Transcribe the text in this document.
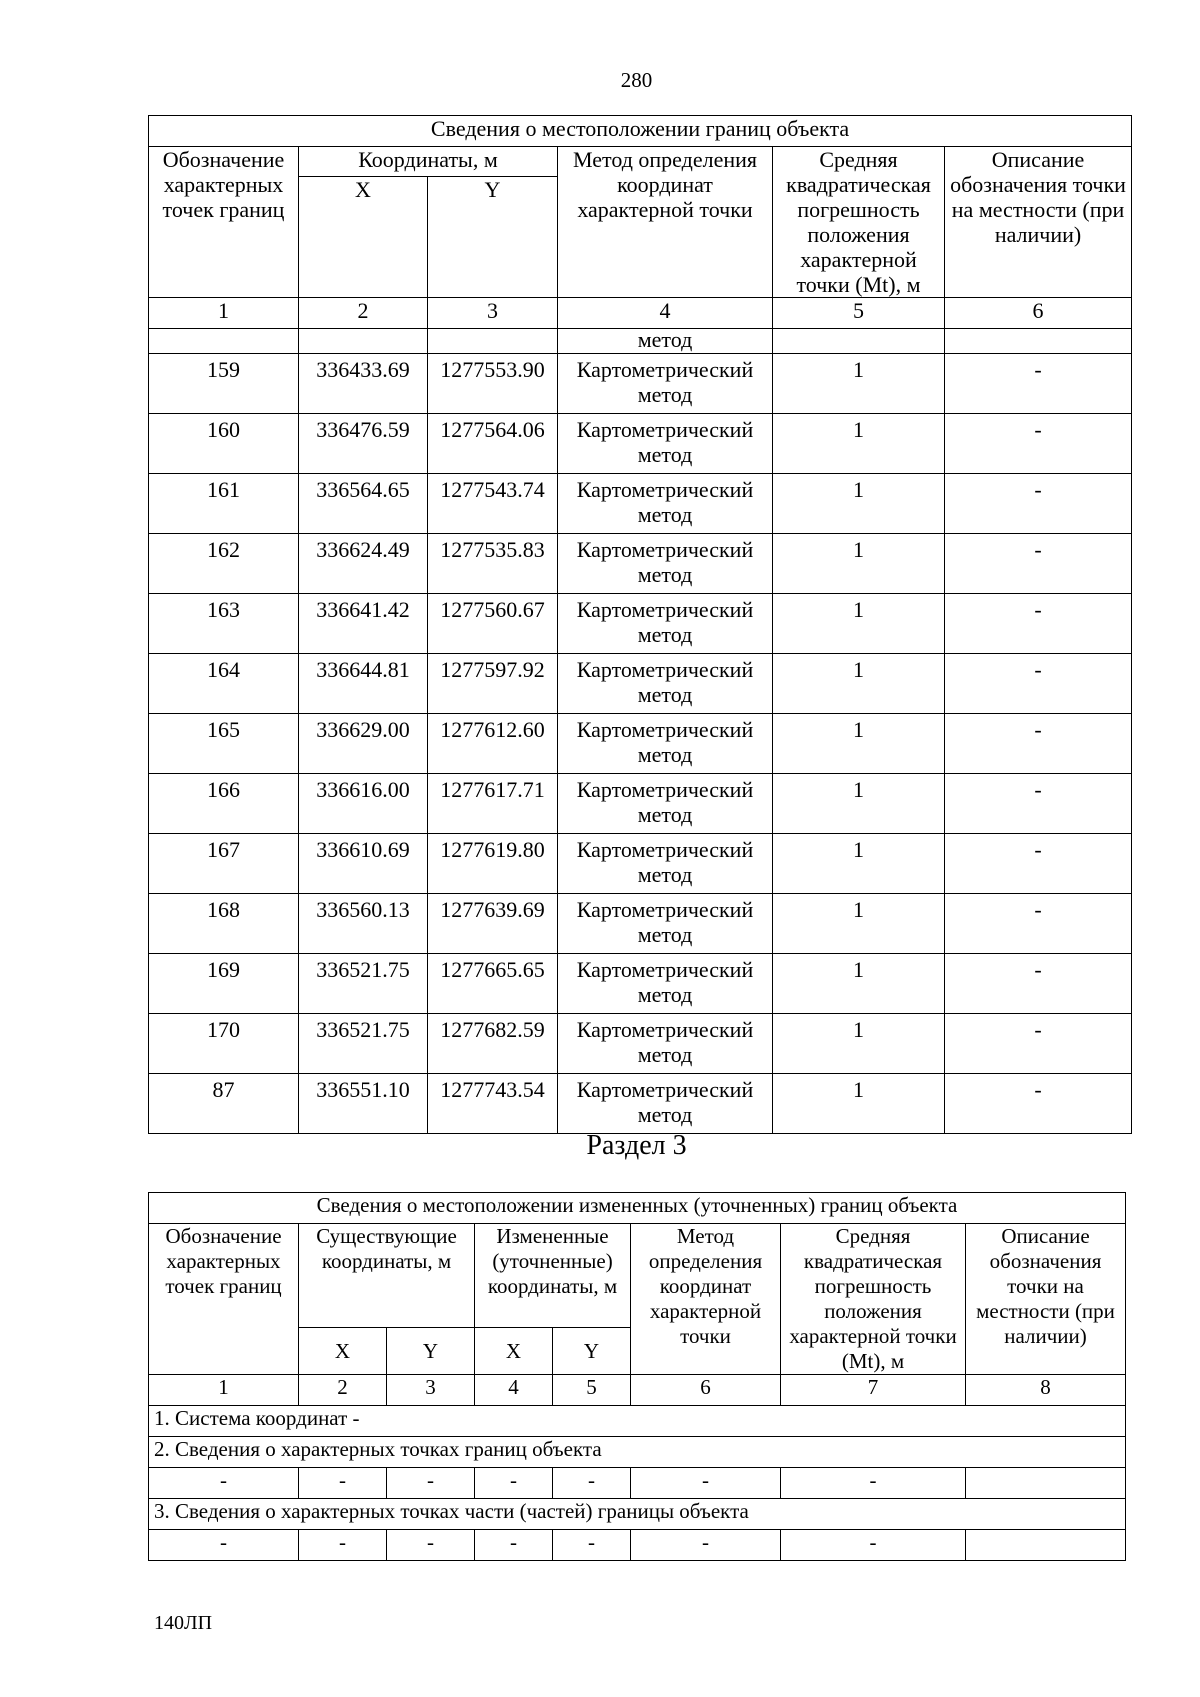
280
Сведения о местоположении границ объекта					
Обозначение характерных точек границ	Координаты, м		Метод определения координат характерной точки	Средняя квадратическая погрешность положения характерной точки (Mt), м	Описание обозначения точки на местности (при наличии)
	X	Y			
1	2	3	4	5	6
			метод		
159	336433.69	1277553.90	Картометрический метод	1	-
160	336476.59	1277564.06	Картометрический метод	1	-
161	336564.65	1277543.74	Картометрический метод	1	-
162	336624.49	1277535.83	Картометрический метод	1	-
163	336641.42	1277560.67	Картометрический метод	1	-
164	336644.81	1277597.92	Картометрический метод	1	-
165	336629.00	1277612.60	Картометрический метод	1	-
166	336616.00	1277617.71	Картометрический метод	1	-
167	336610.69	1277619.80	Картометрический метод	1	-
168	336560.13	1277639.69	Картометрический метод	1	-
169	336521.75	1277665.65	Картометрический метод	1	-
170	336521.75	1277682.59	Картометрический метод	1	-
87	336551.10	1277743.54	Картометрический метод	1	-
Раздел 3
Сведения о местоположении измененных (уточненных) границ объекта							
Обозначение характерных точек границ	Существующие координаты, м		Измененные (уточненные) координаты, м		Метод определения координат характерной точки	Средняя квадратическая погрешность положения характерной точки (Mt), м	Описание обозначения точки на местности (при наличии)
	X	Y	X	Y			
1	2	3	4	5	6	7	8
1. Система координат -							
2. Сведения о характерных точках границ объекта							
-	-	-	-	-	-	-	
3. Сведения о характерных точках части (частей) границы объекта							
-	-	-	-	-	-	-	
140ЛП
